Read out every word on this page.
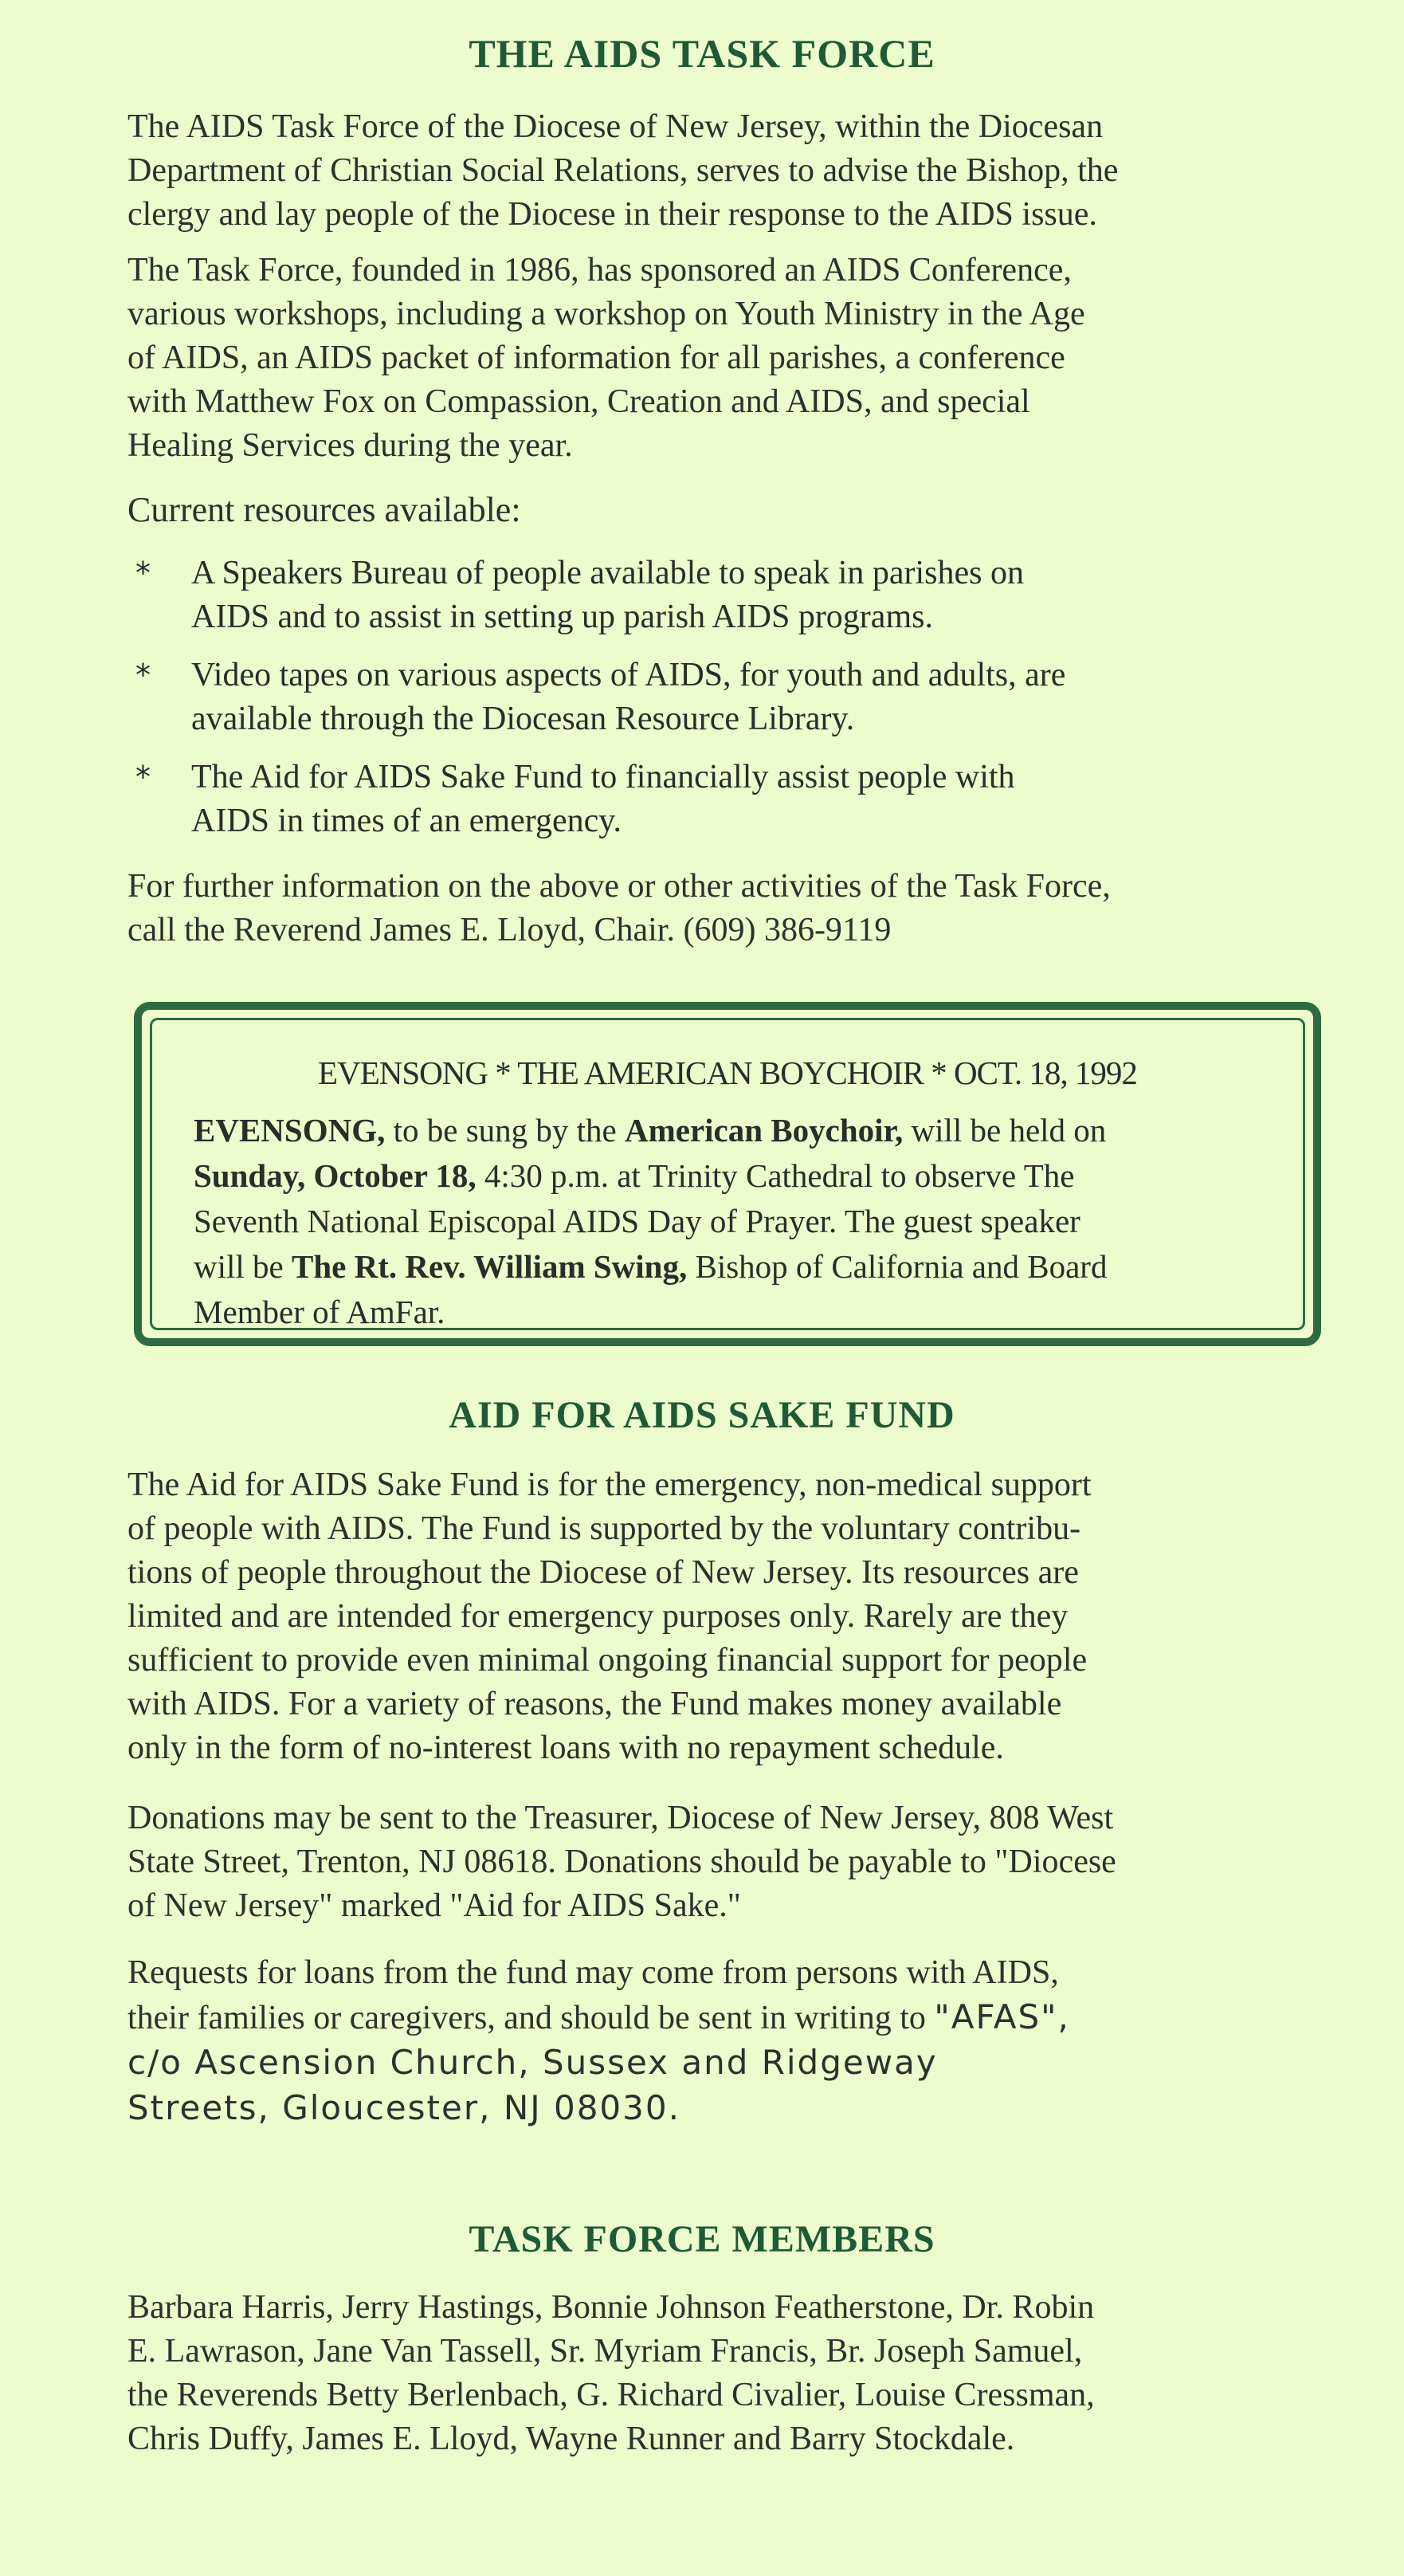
THE AIDS TASK FORCE

The AIDS Task Force of the Diocese of New Jersey, within the Diocesan
Department of Christian Social Relations, serves to advise the Bishop, the
clergy and lay people of the Diocese in their response to the AIDS issue.

The Task Force, founded in 1986, has sponsored an AIDS Conference,
various workshops, including a workshop on Youth Ministry in the Age
of AIDS, an AIDS packet of information for all parishes, a conference
with Matthew Fox on Compassion, Creation and AIDS, and special
Healing Services during the year.

Current resources available:

* A Speakers Bureau of people available to speak in parishes on
AIDS and to assist in setting up parish AIDS programs.
* Video tapes on various aspects of AIDS, for youth and adults, are
available through the Diocesan Resource Library.
* The Aid for AIDS Sake Fund to financially assist people with
AIDS in times of an emergency.

For further information on the above or other activities of the Task Force,
call the Reverend James E. Lloyd, Chair. (609) 386-9119

EVENSONG * THE AMERICAN BOYCHOIR * OCT. 18, 1992

EVENSONG, to be sung by the American Boychoir, will be held on
Sunday, October 18, 4:30 p.m. at Trinity Cathedral to observe The
Seventh National Episcopal AIDS Day of Prayer. The guest speaker
will be The Rt. Rev. William Swing, Bishop of California and Board
Member of AmFar.

AID FOR AIDS SAKE FUND

The Aid for AIDS Sake Fund is for the emergency, non-medical support
of people with AIDS. The Fund is supported by the voluntary contribu-
tions of people throughout the Diocese of New Jersey. Its resources are
limited and are intended for emergency purposes only. Rarely are they
sufficient to provide even minimal ongoing financial support for people
with AIDS. For a variety of reasons, the Fund makes money available
only in the form of no-interest loans with no repayment schedule.

Donations may be sent to the Treasurer, Diocese of New Jersey, 808 West
State Street, Trenton, NJ 08618. Donations should be payable to "Diocese
of New Jersey" marked "Aid for AIDS Sake."

Requests for loans from the fund may come from persons with AIDS,
their families or caregivers, and should be sent in writing to "AFAS",
c/o Ascension Church, Sussex and Ridgeway
Streets, Gloucester, NJ 08030.

TASK FORCE MEMBERS

Barbara Harris, Jerry Hastings, Bonnie Johnson Featherstone, Dr. Robin
E. Lawrason, Jane Van Tassell, Sr. Myriam Francis, Br. Joseph Samuel,
the Reverends Betty Berlenbach, G. Richard Civalier, Louise Cressman,
Chris Duffy, James E. Lloyd, Wayne Runner and Barry Stockdale.
